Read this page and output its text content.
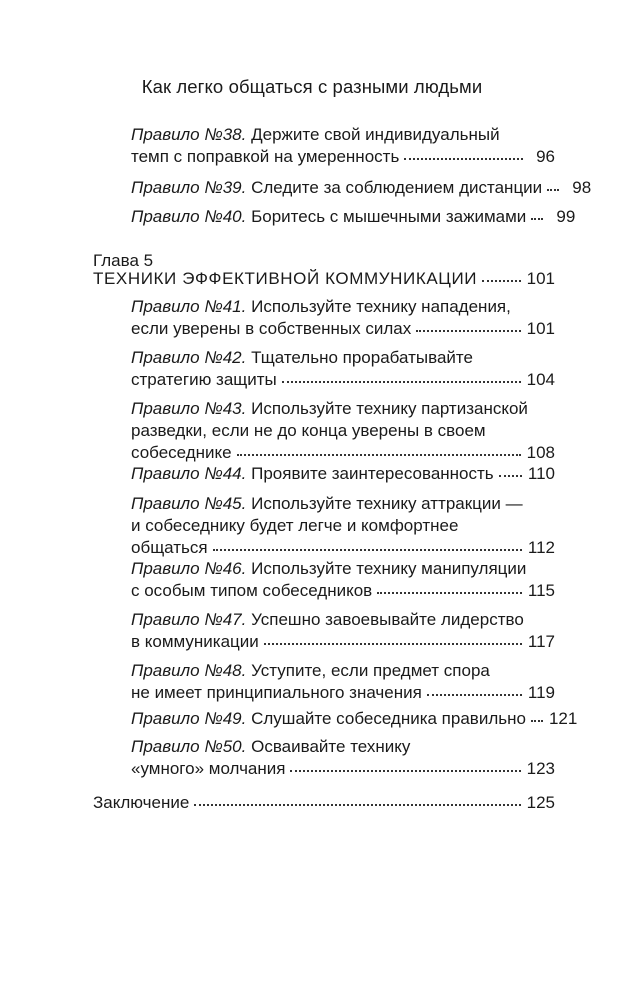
Как легко общаться с разными людьми
Правило №38.
Держите свой индивидуальный
темп с поправкой на умеренность	96
Правило №39.
Следите за соблюдением дистанции	98
Правило №40.
Боритесь с мышечными зажимами	99
Глава 5
ТЕХНИКИ ЭФФЕКТИВНОЙ КОММУНИКАЦИИ	101
Правило №41.
Используйте технику нападения,
если уверены в собственных силах	101
Правило №42.
Тщательно прорабатывайте
стратегию защиты	104
Правило №43.
Используйте технику партизанской
разведки, если не до конца уверены в своем
собеседнике	108
Правило №44.
Проявите заинтересованность 110
Правило №45.
Используйте технику аттракции —
и собеседнику будет легче и комфортнее
общаться	112
Правило №46.
Используйте технику манипуляции
с особым типом собеседников	115
Правило №47.
Успешно завоевывайте лидерство
в коммуникации	117
Правило №48.
Уступите, если предмет спора
не имеет принципиального значения	119
Правило №49.
Слушайте собеседника правильно 121
Правило №50.
Осваивайте технику
«умного» молчания	123
Заключение	125
